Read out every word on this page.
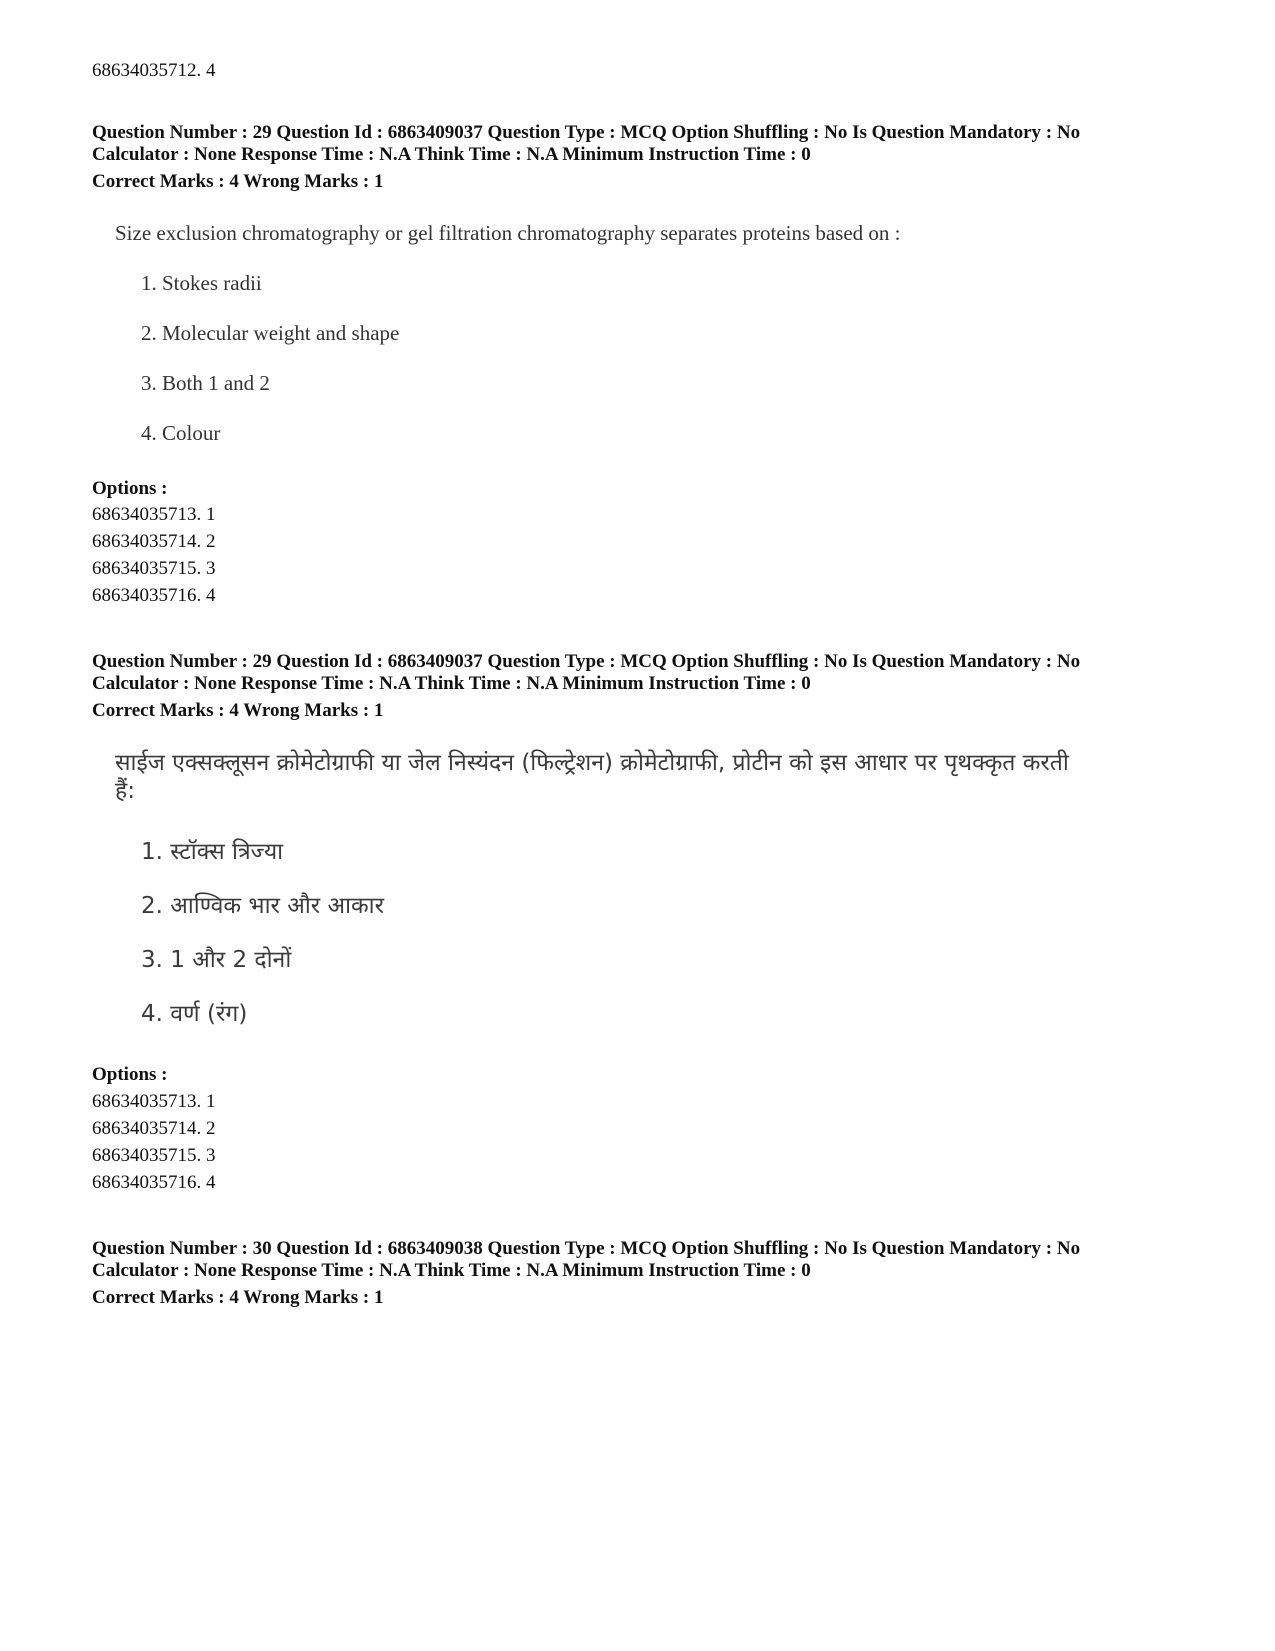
68634035712. 4
Question Number : 29 Question Id : 6863409037 Question Type : MCQ Option Shuffling : No Is Question Mandatory : No
Calculator : None Response Time : N.A Think Time : N.A Minimum Instruction Time : 0
Correct Marks : 4 Wrong Marks : 1
Size exclusion chromatography or gel filtration chromatography separates proteins based on :
1. Stokes radii
2. Molecular weight and shape
3. Both 1 and 2
4. Colour
Options :
68634035713. 1
68634035714. 2
68634035715. 3
68634035716. 4
Question Number : 29 Question Id : 6863409037 Question Type : MCQ Option Shuffling : No Is Question Mandatory : No
Calculator : None Response Time : N.A Think Time : N.A Minimum Instruction Time : 0
Correct Marks : 4 Wrong Marks : 1
साईज एक्सक्लूसन क्रोमेटोग्राफी या जेल निस्यंदन (फिल्ट्रेशन) क्रोमेटोग्राफी, प्रोटीन को इस आधार पर पृथक्कृत करती
हैं:
1. स्टॉक्स त्रिज्या
2. आण्विक भार और आकार
3. 1 और 2 दोनों
4. वर्ण (रंग)
Options :
68634035713. 1
68634035714. 2
68634035715. 3
68634035716. 4
Question Number : 30 Question Id : 6863409038 Question Type : MCQ Option Shuffling : No Is Question Mandatory : No
Calculator : None Response Time : N.A Think Time : N.A Minimum Instruction Time : 0
Correct Marks : 4 Wrong Marks : 1
